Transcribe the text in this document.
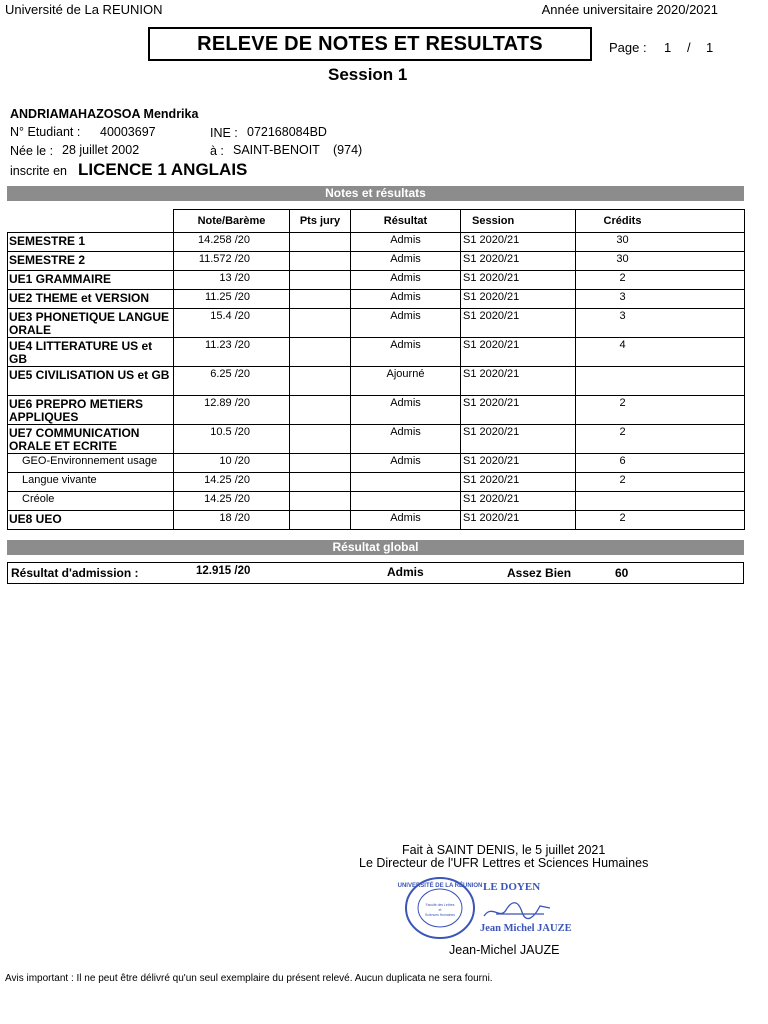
Université de La REUNION	Année universitaire 2020/2021
RELEVE DE NOTES ET RESULTATS	Page : 1 / 1
Session 1
ANDRIAMAHAZOSOA Mendrika
N° Etudiant : 40003697	INE : 072168084BD
Née le : 28 juillet 2002	à : SAINT-BENOIT (974)
inscrite en LICENCE 1 ANGLAIS
Notes et résultats
	Note/Barème	Pts jury	Résultat	Session	Crédits

SEMESTRE 1	14.258 /20		Admis	S1 2020/21	30

SEMESTRE 2	11.572 /20		Admis	S1 2020/21	30

UE1 GRAMMAIRE	13 /20		Admis	S1 2020/21	2

UE2 THEME et VERSION	11.25 /20		Admis	S1 2020/21	3

UE3 PHONETIQUE LANGUE ORALE	15.4 /20		Admis	S1 2020/21	3

UE4 LITTERATURE US et GB	11.23 /20		Admis	S1 2020/21	4

UE5 CIVILISATION US et GB	6.25 /20		Ajourné	S1 2020/21	

UE6 PREPRO METIERS APPLIQUES	12.89 /20		Admis	S1 2020/21	2

UE7 COMMUNICATION ORALE ET ECRITE	10.5 /20		Admis	S1 2020/21	2

GEO-Environnement usage	10 /20		Admis	S1 2020/21	6

Langue vivante	14.25 /20			S1 2020/21	2

Créole	14.25 /20			S1 2020/21	

UE8 UEO	18 /20		Admis	S1 2020/21	2
Résultat global
Résultat d'admission :	12.915 /20	Admis	Assez Bien	60
Fait à SAINT DENIS, le 5 juillet 2021
Le Directeur de l'UFR Lettres et Sciences Humaines
UNIVERSITÉ DE LA RÉUNION
Faculté des Lettres
et
Sciences Humaines
LE DOYEN
Jean Michel JAUZE
Jean-Michel JAUZE
Avis important : Il ne peut être délivré qu'un seul exemplaire du présent relevé. Aucun duplicata ne sera fourni.
